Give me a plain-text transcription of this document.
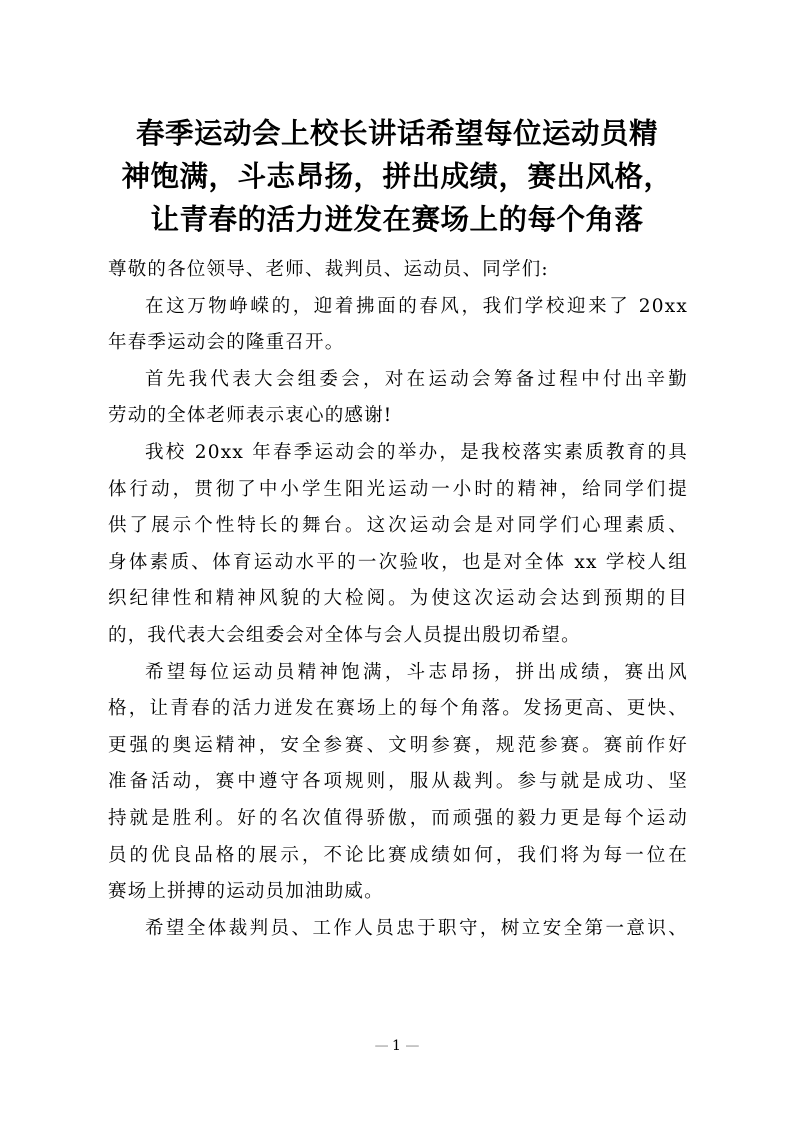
春季运动会上校长讲话希望每位运动员精
神饱满，斗志昂扬，拼出成绩，赛出风格，
让青春的活力迸发在赛场上的每个角落
尊敬的各位领导、老师、裁判员、运动员、同学们:
在这万物峥嵘的，迎着拂面的春风，我们学校迎来了 20xx
年春季运动会的隆重召开。
首先我代表大会组委会，对在运动会筹备过程中付出辛勤
劳动的全体老师表示衷心的感谢!
我校 20xx 年春季运动会的举办，是我校落实素质教育的具
体行动，贯彻了中小学生阳光运动一小时的精神，给同学们提
供了展示个性特长的舞台。这次运动会是对同学们心理素质、
身体素质、体育运动水平的一次验收，也是对全体 xx 学校人组
织纪律性和精神风貌的大检阅。为使这次运动会达到预期的目
的，我代表大会组委会对全体与会人员提出殷切希望。
希望每位运动员精神饱满，斗志昂扬，拼出成绩，赛出风
格，让青春的活力迸发在赛场上的每个角落。发扬更高、更快、
更强的奥运精神，安全参赛、文明参赛，规范参赛。赛前作好
准备活动，赛中遵守各项规则，服从裁判。参与就是成功、坚
持就是胜利。好的名次值得骄傲，而顽强的毅力更是每个运动
员的优良品格的展示，不论比赛成绩如何，我们将为每一位在
赛场上拼搏的运动员加油助威。
希望全体裁判员、工作人员忠于职守，树立安全第一意识、
— 1 —
